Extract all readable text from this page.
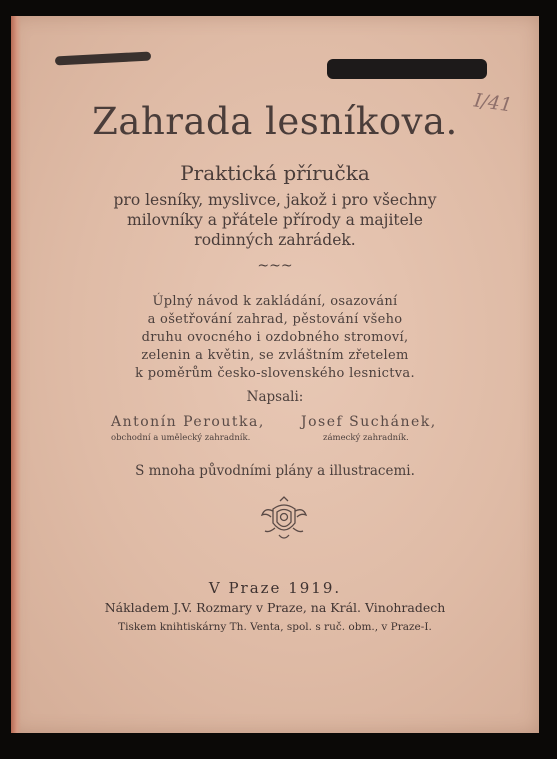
Zahrada lesníkova. I/41
Praktická příručka
pro lesníky, myslivce, jakož i pro všechny
milovníky a přátele přírody a majitele
rodinných zahrádek.
~~~
Úplný návod k zakládání, osazování
a ošetřování zahrad, pěstování všeho
druhu ovocného i ozdobného stromoví,
zelenin a květin, se zvláštním zřetelem
k poměrům česko-slovenského lesnictva.
Napsali:
Antonín Peroutka,
obchodní a umělecký zahradník.
Josef Suchánek,
zámecký zahradník.
S mnoha původními plány a illustracemi.
V Praze 1919.
Nákladem J.V. Rozmary v Praze, na Král. Vinohradech
Tiskem knihtiskárny Th. Venta, spol. s ruč. obm., v Praze-I.
